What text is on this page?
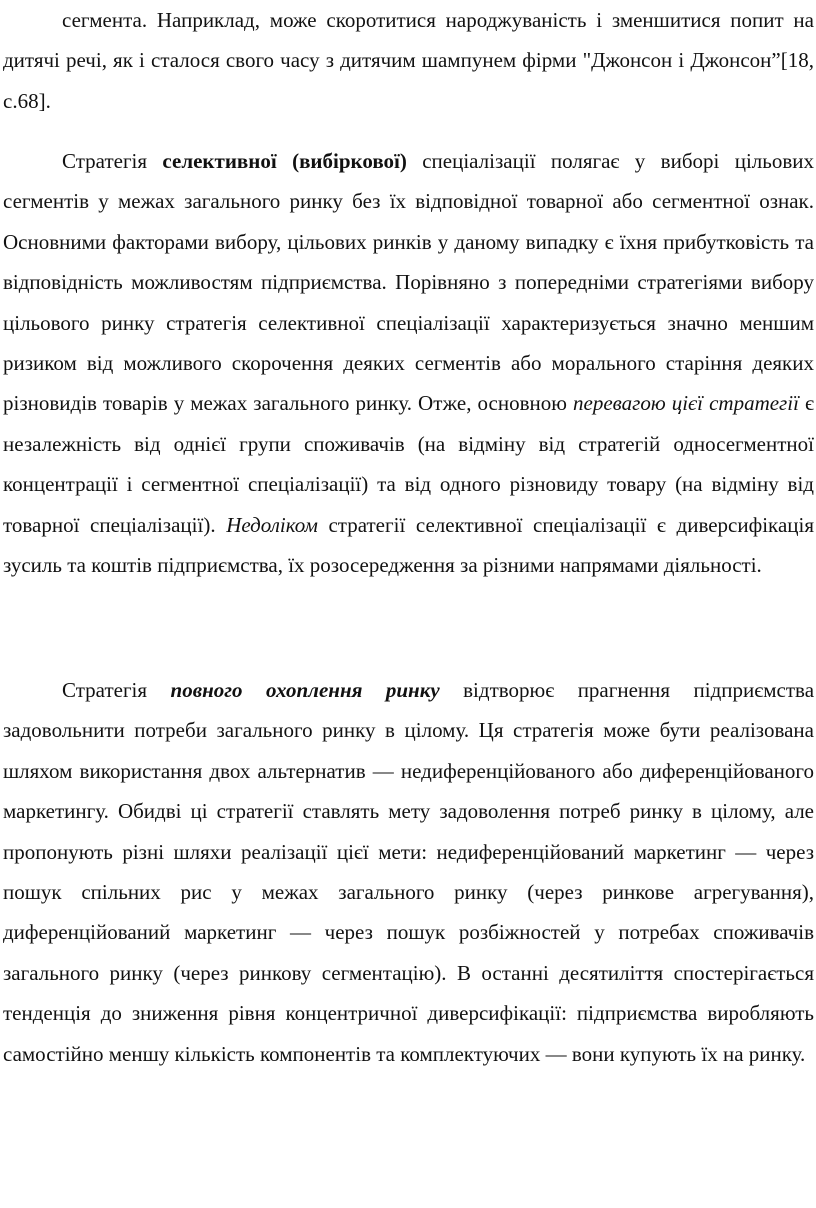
сегмента. Наприклад, може скоротитися народжуваність і зменшитися попит на дитячі речі, як і сталося свого часу з дитячим шампунем фірми "Джонсон і Джонсон”[18, с.68].

Стратегія селективної (вибіркової) спеціалізації полягає у виборі цільових сегментів у межах загального ринку без їх відповідної товарної або сегментної ознак. Основними факторами вибору, цільових ринків у даному випадку є їхня прибутковість та відповідність можливостям підприємства. Порівняно з попередніми стратегіями вибору цільового ринку стратегія селективної спеціалізації характеризується значно меншим ризиком від можливого скорочення деяких сегментів або морального старіння деяких різновидів товарів у межах загального ринку. Отже, основною перевагою цієї стратегії є незалежність від однієї групи споживачів (на відміну від стратегій односегментної концентрації і сегментної спеціалізації) та від одного різновиду товару (на відміну від товарної спеціалізації). Недоліком стратегії селективної спеціалізації є диверсифікація зусиль та коштів підприємства, їх розосередження за різними напрямами діяльності.

Стратегія повного охоплення ринку відтворює прагнення підприємства задовольнити потреби загального ринку в цілому. Ця стратегія може бути реалізована шляхом використання двох альтернатив — недиференційованого або диференційованого маркетингу. Обидві ці стратегії ставлять мету задоволення потреб ринку в цілому, але пропонують різні шляхи реалізації цієї мети: недиференційований маркетинг — через пошук спільних рис у межах загального ринку (через ринкове агрегування), диференційований маркетинг — через пошук розбіжностей у потребах споживачів загального ринку (через ринкову сегментацію). В останні десятиліття спостерігається тенденція до зниження рівня концентричної диверсифікації: підприємства виробляють самостійно меншу кількість компонентів та комплектуючих — вони купують їх на ринку.
